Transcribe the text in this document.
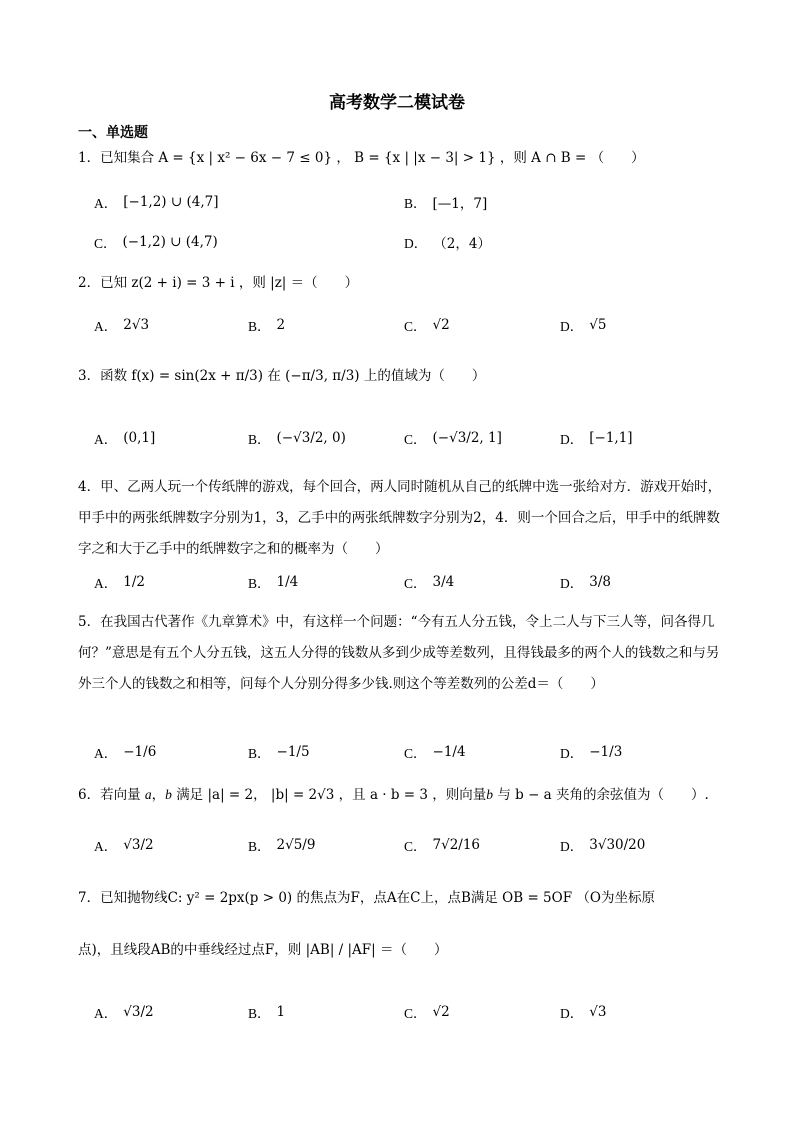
高考数学二模试卷
一、单选题
1．已知集合 A = {x | x² − 6x − 7 ≤ 0} ， B = {x | |x − 3| > 1} ，则 A ∩ B = （　　）
A． [−1,2) ∪ (4,7]	B． [—1，7]
C． (−1,2) ∪ (4,7)	D． （2，4）
2．已知 z(2 + i) = 3 + i ，则 |z| ＝（　　）
A． 2√3	B． 2	C． √2	D． √5
3．函数 f(x) = sin(2x + π/3) 在 (−π/3, π/3) 上的值域为（　　）
A． (0,1]	B． (−√3/2, 0)	C． (−√3/2, 1]	D． [−1,1]
4．甲、乙两人玩一个传纸牌的游戏，每个回合，两人同时随机从自己的纸牌中选一张给对方．游戏开始时，甲手中的两张纸牌数字分别为1，3，乙手中的两张纸牌数字分别为2，4．则一个回合之后，甲手中的纸牌数字之和大于乙手中的纸牌数字之和的概率为（　　）
A． 1/2	B． 1/4	C． 3/4	D． 3/8
5．在我国古代著作《九章算术》中，有这样一个问题：“今有五人分五钱，令上二人与下三人等，问各得几何？”意思是有五个人分五钱，这五人分得的钱数从多到少成等差数列，且得钱最多的两个人的钱数之和与另外三个人的钱数之和相等，问每个人分别分得多少钱.则这个等差数列的公差d＝（　　）
A． −1/6	B． −1/5	C． −1/4	D． −1/3
6．若向量 a，b 满足 |a| = 2， |b| = 2√3 ，且 a · b = 3 ，则向量b 与 b − a 夹角的余弦值为（　　）.
A． √3/2	B． 2√5/9	C． 7√2/16	D． 3√30/20
7．已知抛物线C: y² = 2px(p > 0) 的焦点为F，点A在C上，点B满足 OB = 5OF （O为坐标原
点)，且线段AB的中垂线经过点F，则 |AB| / |AF| ＝（　　）
A． √3/2	B． 1	C． √2	D． √3
